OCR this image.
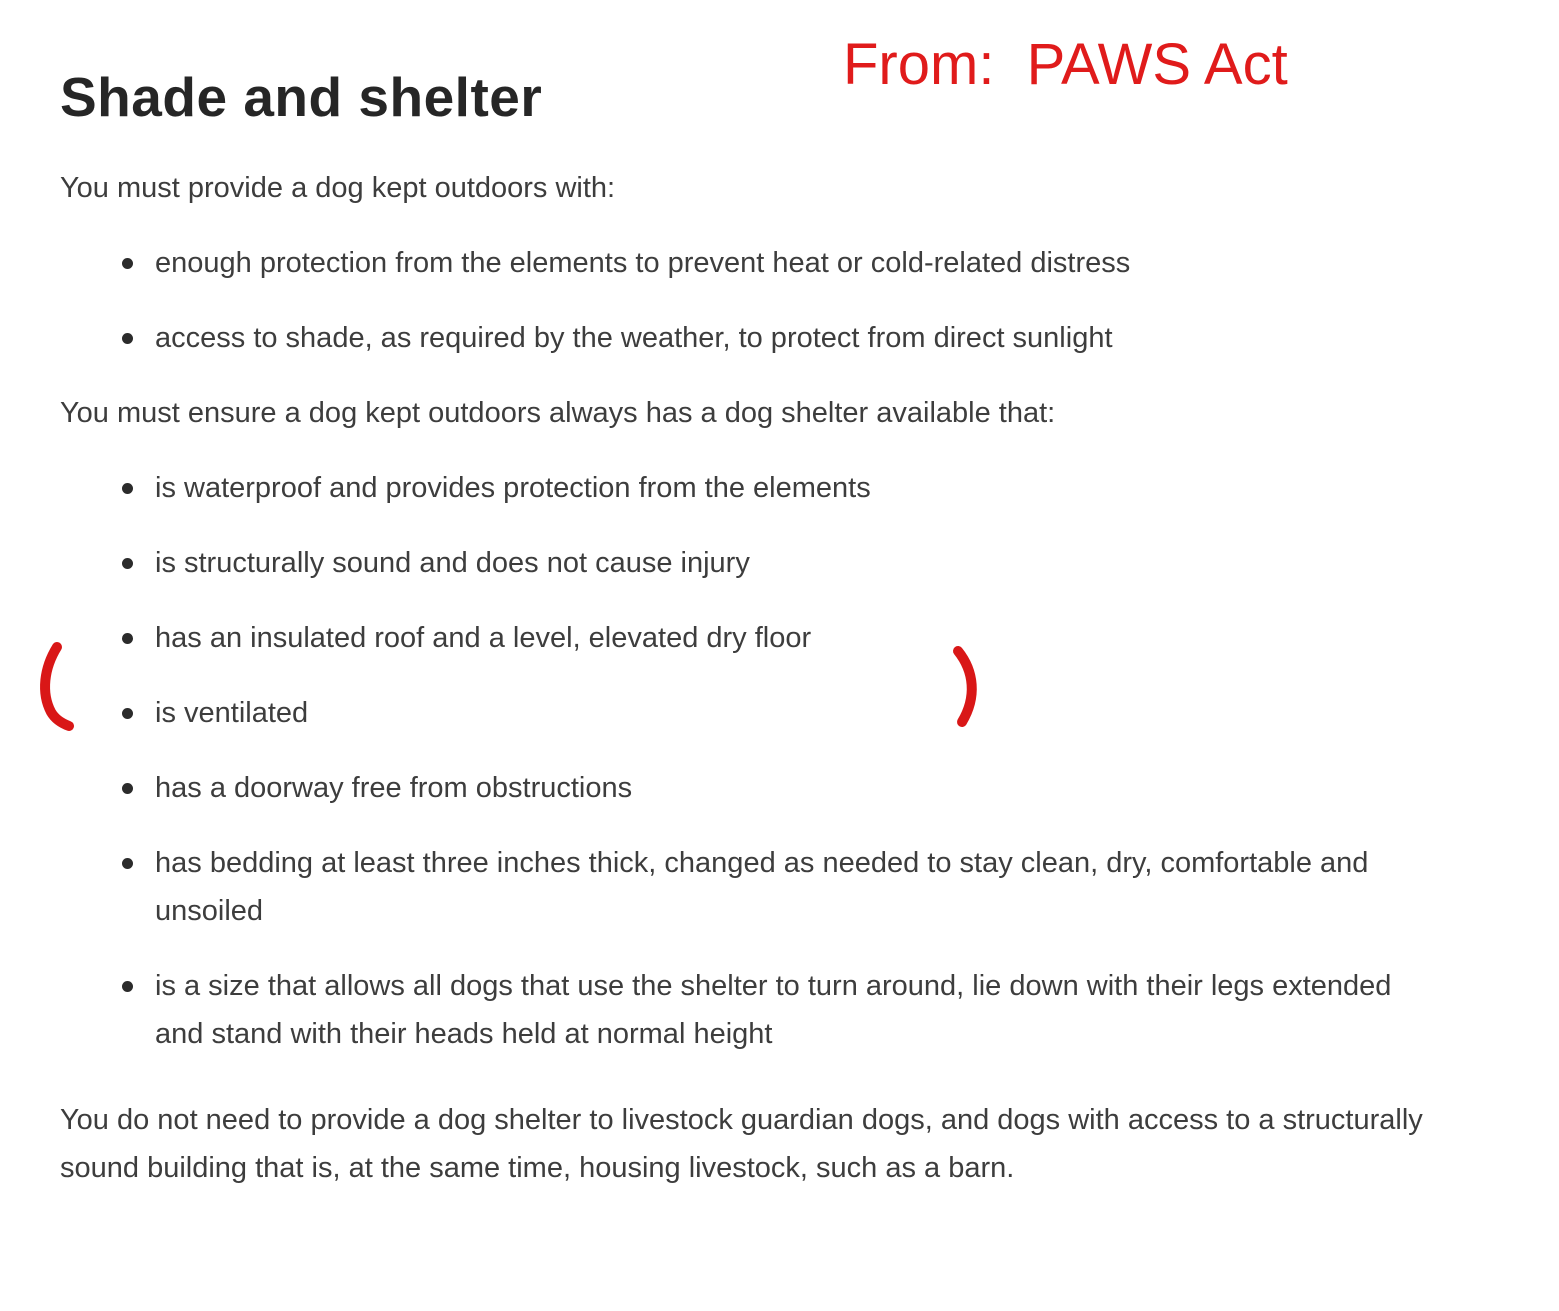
Shade and shelter

You must provide a dog kept outdoors with:

enough protection from the elements to prevent heat or cold-related distress
access to shade, as required by the weather, to protect from direct sunlight

You must ensure a dog kept outdoors always has a dog shelter available that:

is waterproof and provides protection from the elements
is structurally sound and does not cause injury
has an insulated roof and a level, elevated dry floor
is ventilated
has a doorway free from obstructions
has bedding at least three inches thick, changed as needed to stay clean, dry, comfortable and unsoiled
is a size that allows all dogs that use the shelter to turn around, lie down with their legs extended and stand with their heads held at normal height

You do not need to provide a dog shelter to livestock guardian dogs, and dogs with access to a structurally sound building that is, at the same time, housing livestock, such as a barn.

From:  PAWS Act
